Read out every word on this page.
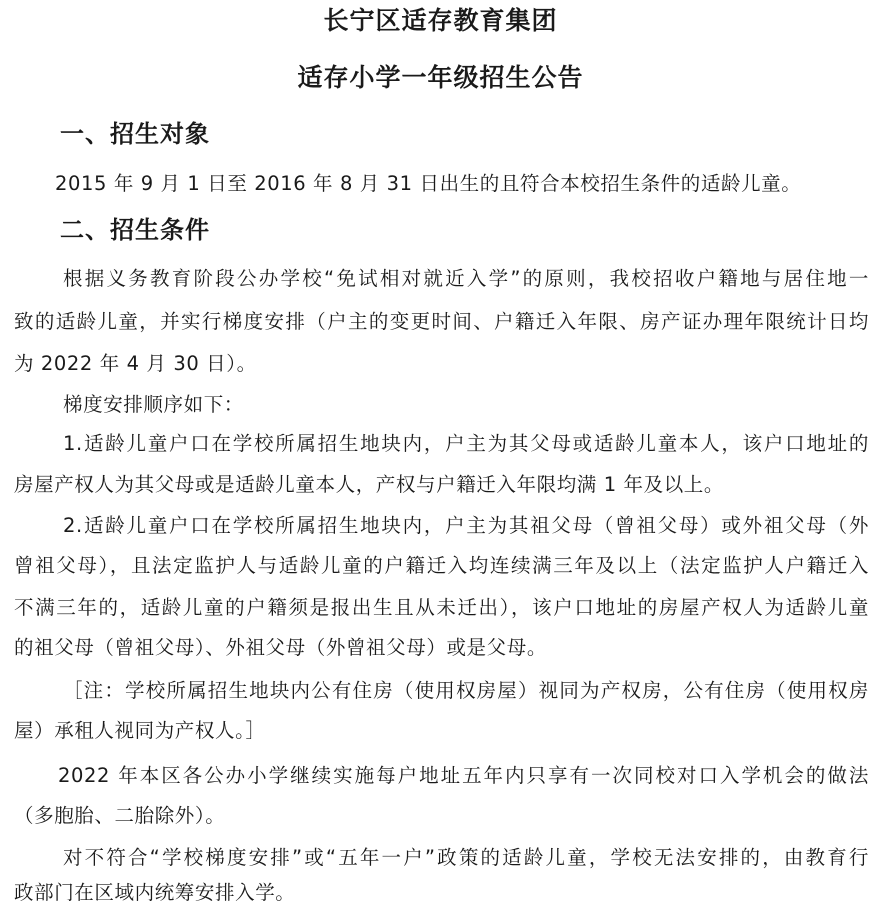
长宁区适存教育集团
适存小学一年级招生公告
一、招生对象
2015 年 9 月 1 日至 2016 年 8 月 31 日出生的且符合本校招生条件的适龄儿童。
二、招生条件
根据义务教育阶段公办学校“免试相对就近入学”的原则，我校招收户籍地与居住地一
致的适龄儿童，并实行梯度安排（户主的变更时间、户籍迁入年限、房产证办理年限统计日均
为 2022 年 4 月 30 日）。
梯度安排顺序如下：
1.适龄儿童户口在学校所属招生地块内，户主为其父母或适龄儿童本人，该户口地址的
房屋产权人为其父母或是适龄儿童本人，产权与户籍迁入年限均满 1 年及以上。
2.适龄儿童户口在学校所属招生地块内，户主为其祖父母（曾祖父母）或外祖父母（外
曾祖父母），且法定监护人与适龄儿童的户籍迁入均连续满三年及以上（法定监护人户籍迁入
不满三年的，适龄儿童的户籍须是报出生且从未迁出），该户口地址的房屋产权人为适龄儿童
的祖父母（曾祖父母）、外祖父母（外曾祖父母）或是父母。
［注：学校所属招生地块内公有住房（使用权房屋）视同为产权房，公有住房（使用权房
屋）承租人视同为产权人。］
2022 年本区各公办小学继续实施每户地址五年内只享有一次同校对口入学机会的做法
（多胞胎、二胎除外）。
对不符合“学校梯度安排”或“五年一户”政策的适龄儿童，学校无法安排的，由教育行
政部门在区域内统筹安排入学。
